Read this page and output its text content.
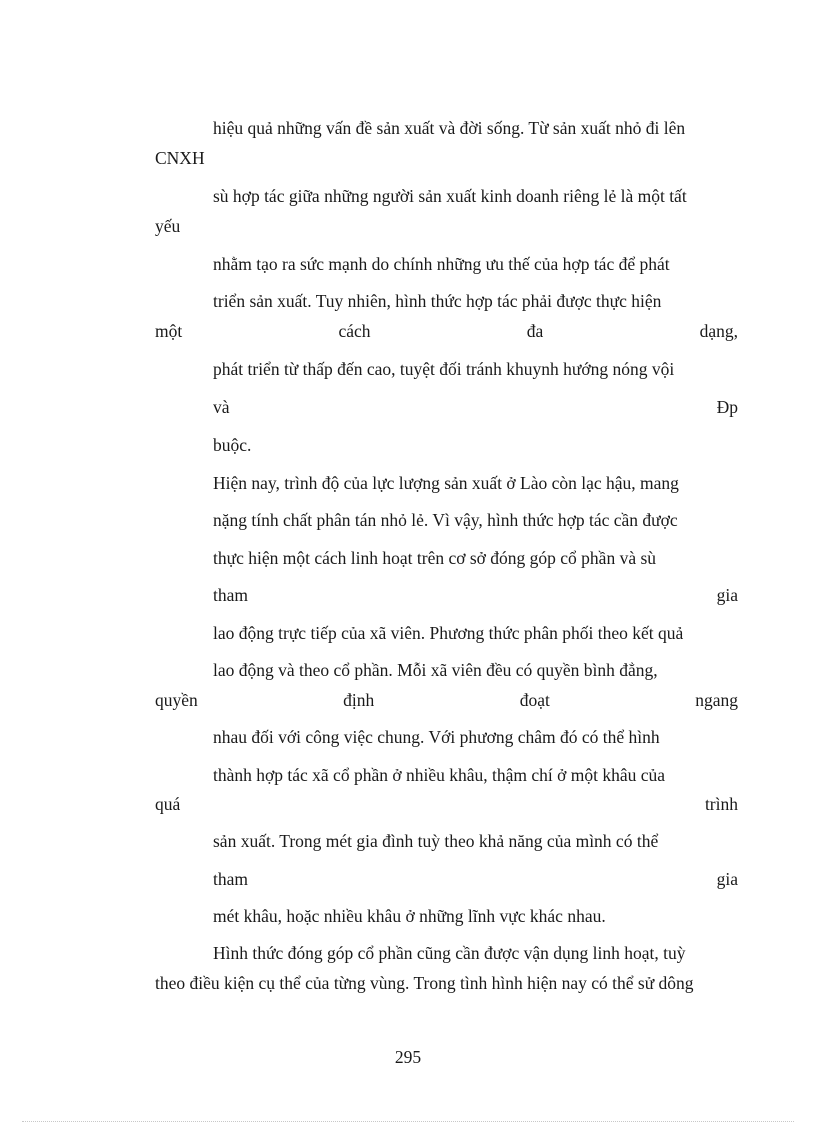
hiệu quả những vấn đề sản xuất và đời sống. Từ sản xuất nhỏ đi lên
CNXH
sù hợp tác giữa những người sản xuất kinh doanh riêng lẻ là một tất
yếu
nhằm tạo ra sức mạnh do chính những ưu thế của hợp tác để phát
triển sản xuất. Tuy nhiên, hình thức hợp tác phải được thực hiện
một	cách	đa	dạng,
phát triển từ thấp đến cao, tuyệt đối tránh khuynh hướng nóng vội
và	Đp
buộc.
Hiện nay, trình độ của lực lượng sản xuất ở Lào còn lạc hậu, mang
nặng tính chất phân tán nhỏ lẻ. Vì vậy, hình thức hợp tác cần được
thực hiện một cách linh hoạt trên cơ sở đóng góp cổ phần và sù
tham	gia
lao động trực tiếp của xã viên. Phương thức phân phối theo kết quả
lao động và theo cổ phần. Mỗi xã viên đều có quyền bình đẳng,
quyền	định	đoạt	ngang
nhau đối với công việc chung. Với phương châm đó có thể hình
thành hợp tác xã cổ phần ở nhiều khâu, thậm chí ở một khâu của
quá	trình
sản xuất. Trong mét gia đình tuỳ theo khả năng của mình có thể
tham	gia
mét khâu, hoặc nhiều khâu ở những lĩnh vực khác nhau.
Hình thức đóng góp cổ phần cũng cần được vận dụng linh hoạt, tuỳ
theo điều kiện cụ thể của từng vùng. Trong tình hình hiện nay có thể sử dông
295
